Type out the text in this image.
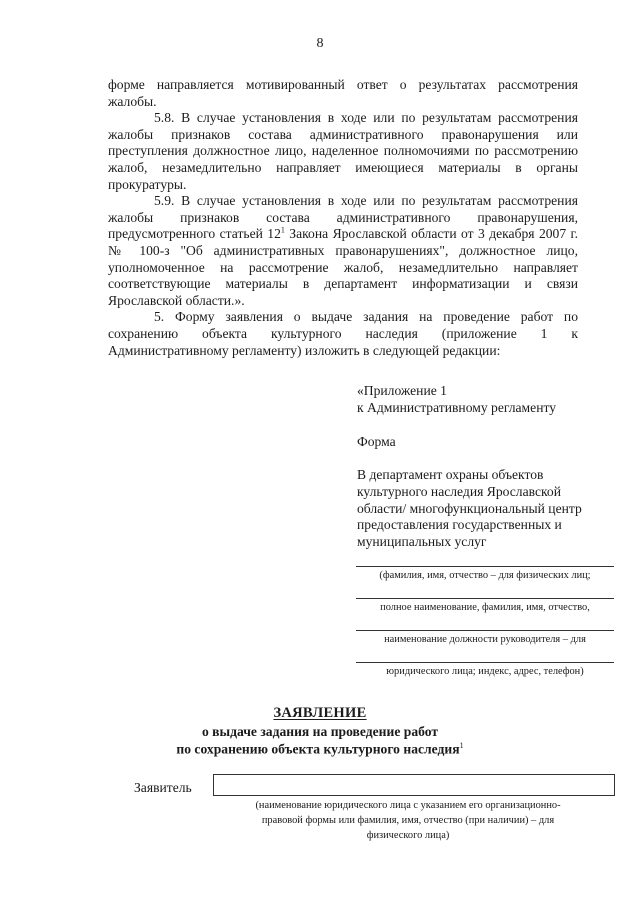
8

форме направляется мотивированный ответ о результатах рассмотрения жалобы.

5.8. В случае установления в ходе или по результатам рассмотрения жалобы признаков состава административного правонарушения или преступления должностное лицо, наделенное полномочиями по рассмотрению жалоб, незамедлительно направляет имеющиеся материалы в органы прокуратуры.

5.9. В случае установления в ходе или по результатам рассмотрения жалобы признаков состава административного правонарушения, предусмотренного статьей $12^1$ Закона Ярославской области от 3 декабря 2007 г. № 100-з "Об административных правонарушениях", должностное лицо, уполномоченное на рассмотрение жалоб, незамедлительно направляет соответствующие материалы в департамент информатизации и связи Ярославской области.».

5. Форму заявления о выдаче задания на проведение работ по сохранению объекта культурного наследия (приложение 1 к Административному регламенту) изложить в следующей редакции:

«Приложение 1
к Административному регламенту
Форма
В департамент охраны объектов
культурного наследия Ярославской
области/ многофункциональный центр
предоставления государственных и
муниципальных услуг
(фамилия, имя, отчество – для физических лиц;
полное наименование, фамилия, имя, отчество,
наименование должности руководителя – для
юридического лица; индекс, адрес, телефон)
ЗАЯВЛЕНИЕ
о выдаче задания на проведение работ
по сохранению объекта культурного наследия$^1$
Заявитель
(наименование юридического лица с указанием его организационно-
правовой формы или фамилия, имя, отчество (при наличии) – для
физического лица)
